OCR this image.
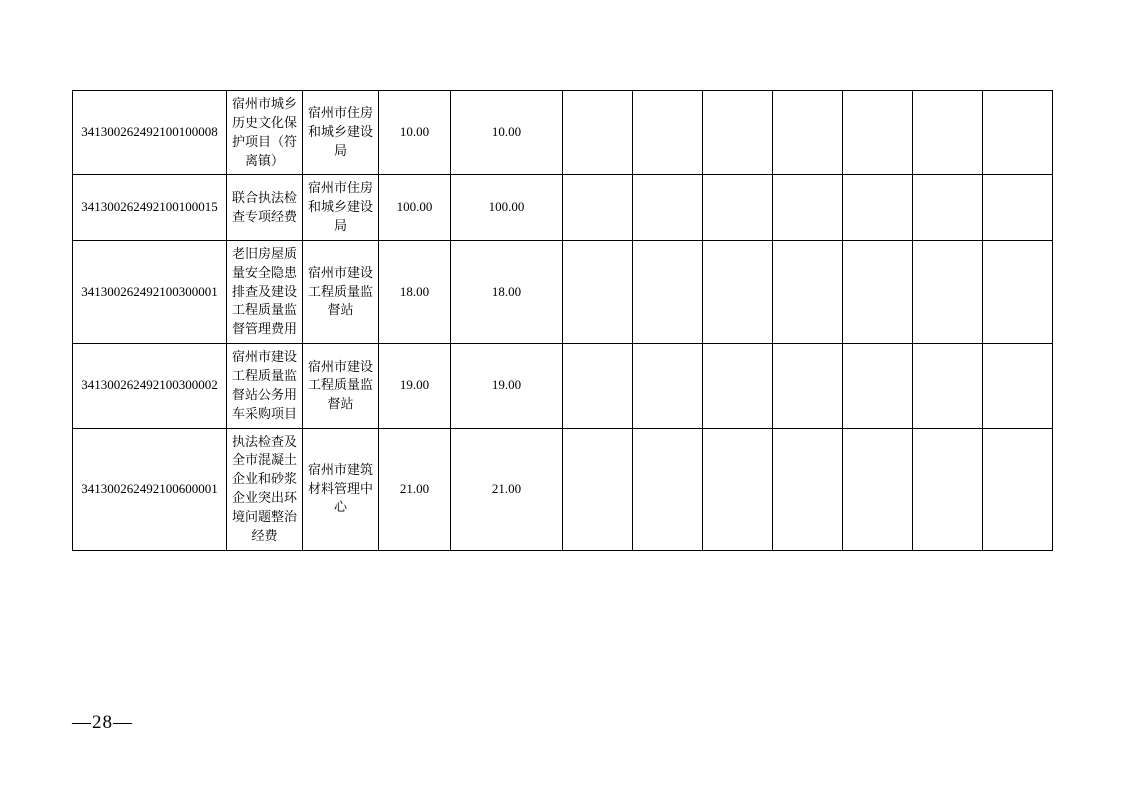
341300262492100100008	宿州市城乡历史文化保护项目（符离镇）	宿州市住房和城乡建设局	10.00	10.00							
341300262492100100015	联合执法检查专项经费	宿州市住房和城乡建设局	100.00	100.00							
341300262492100300001	老旧房屋质量安全隐患排查及建设工程质量监督管理费用	宿州市建设工程质量监督站	18.00	18.00							
341300262492100300002	宿州市建设工程质量监督站公务用车采购项目	宿州市建设工程质量监督站	19.00	19.00							
341300262492100600001	执法检查及全市混凝土企业和砂浆企业突出环境问题整治经费	宿州市建筑材料管理中心	21.00	21.00							
—28—
